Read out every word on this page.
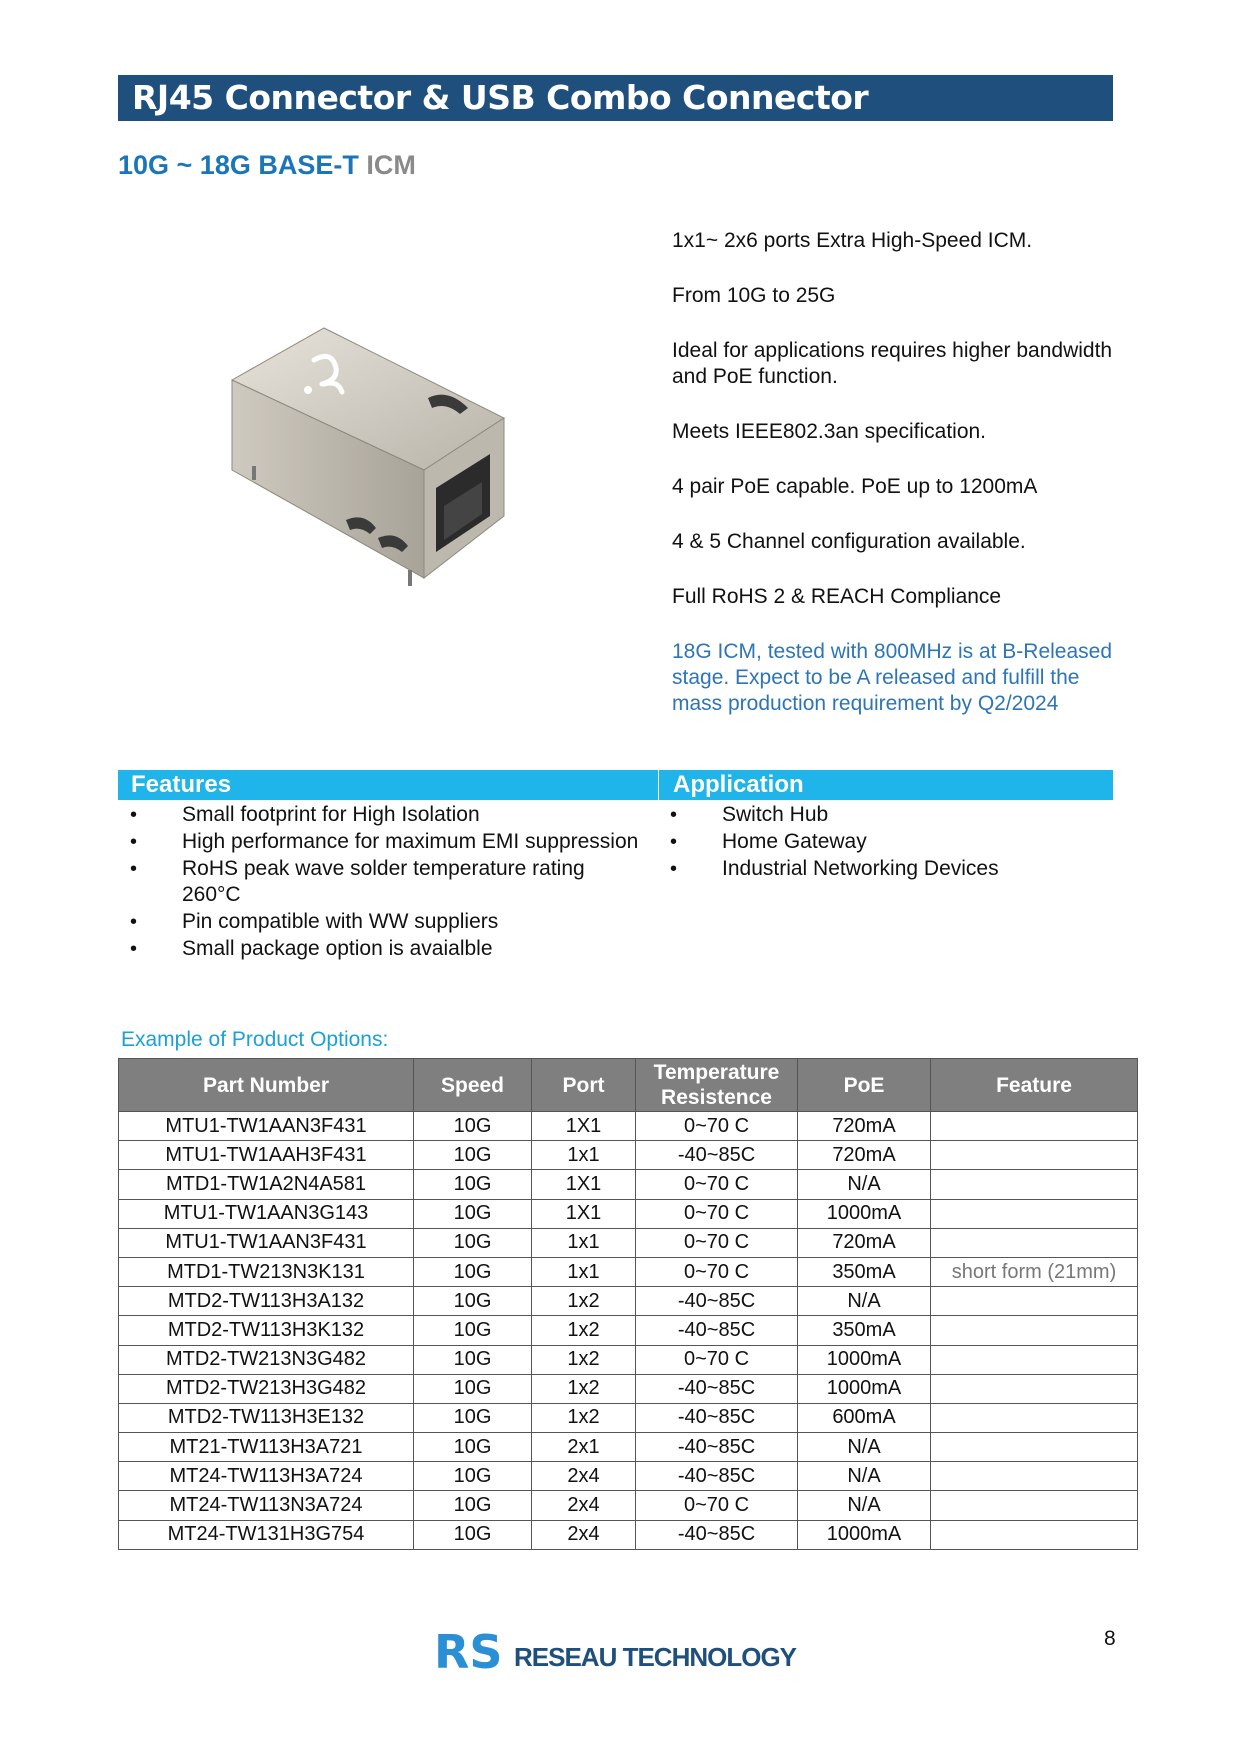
RJ45 Connector & USB Combo Connector
10G ~ 18G BASE-T ICM

1x1~ 2x6 ports Extra High-Speed ICM.

From 10G to 25G

Ideal for applications requires higher bandwidth and PoE function.

Meets IEEE802.3an specification.

4 pair PoE capable. PoE up to 1200mA

4 & 5 Channel configuration available.

Full RoHS 2 & REACH Compliance

18G ICM, tested with 800MHz is at B-Released stage. Expect to be A released and fulfill the mass production requirement by Q2/2024

Features	Application
• Small footprint for High Isolation
• High performance for maximum EMI suppression
• RoHS peak wave solder temperature rating 260°C
• Pin compatible with WW suppliers
• Small package option is avaialble
• Switch Hub
• Home Gateway
• Industrial Networking Devices
Example of Product Options:
Part Number	Speed	Port	Temperature Resistence	PoE	Feature
MTU1-TW1AAN3F431	10G	1X1	0~70 C	720mA	
MTU1-TW1AAH3F431	10G	1x1	-40~85C	720mA	
MTD1-TW1A2N4A581	10G	1X1	0~70 C	N/A	
MTU1-TW1AAN3G143	10G	1X1	0~70 C	1000mA	
MTU1-TW1AAN3F431	10G	1x1	0~70 C	720mA	
MTD1-TW213N3K131	10G	1x1	0~70 C	350mA	short form (21mm)
MTD2-TW113H3A132	10G	1x2	-40~85C	N/A	
MTD2-TW113H3K132	10G	1x2	-40~85C	350mA	
MTD2-TW213N3G482	10G	1x2	0~70 C	1000mA	
MTD2-TW213H3G482	10G	1x2	-40~85C	1000mA	
MTD2-TW113H3E132	10G	1x2	-40~85C	600mA	
MT21-TW113H3A721	10G	2x1	-40~85C	N/A	
MT24-TW113H3A724	10G	2x4	-40~85C	N/A	
MT24-TW113N3A724	10G	2x4	0~70 C	N/A	
MT24-TW131H3G754	10G	2x4	-40~85C	1000mA	
RS RESEAU TECHNOLOGY
8
